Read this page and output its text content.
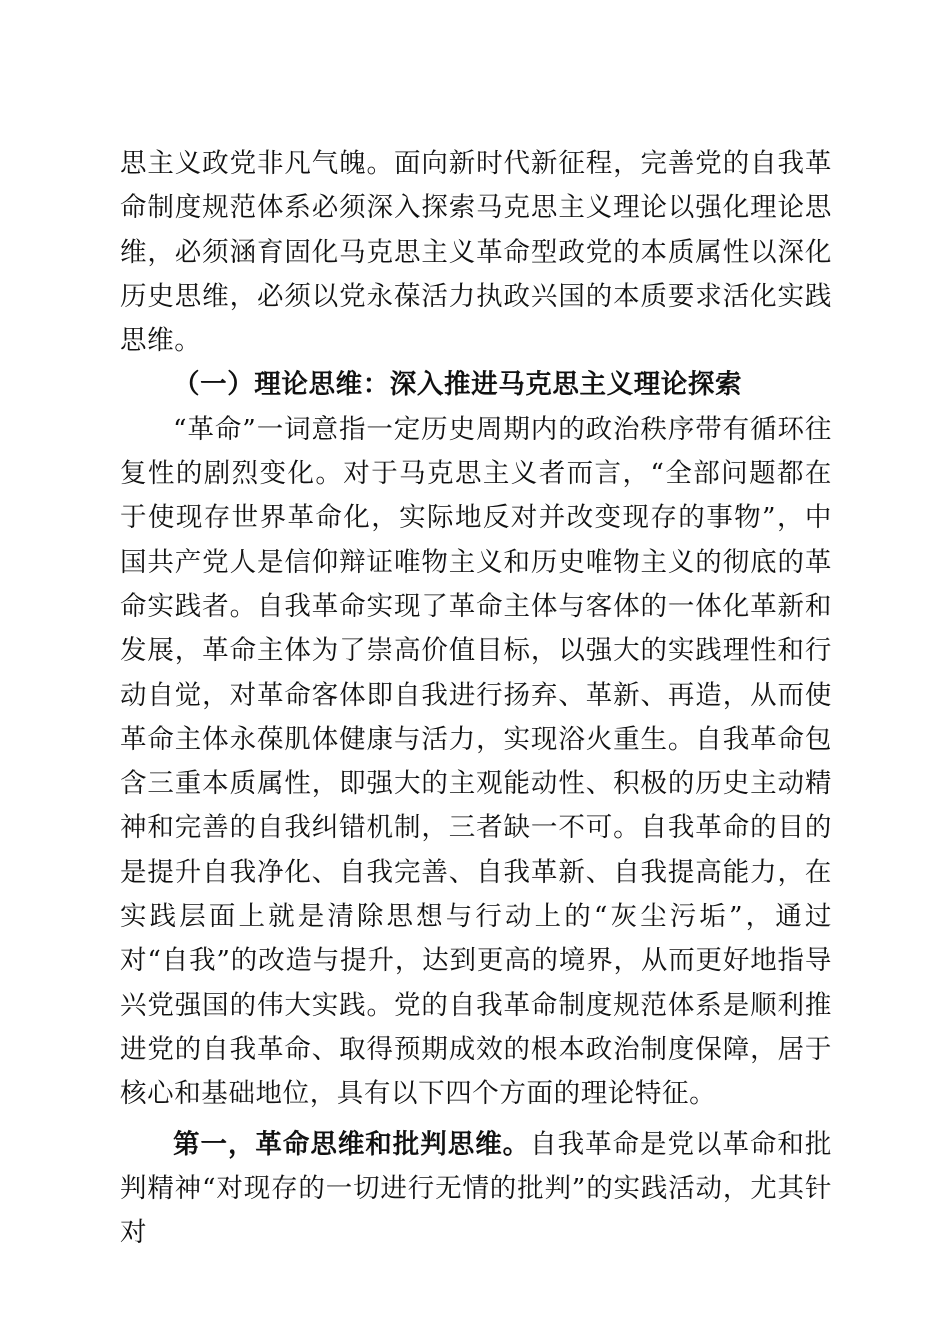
思主义政党非凡气魄。面向新时代新征程，完善党的自我革命制度规范体系必须深入探索马克思主义理论以强化理论思维，必须涵育固化马克思主义革命型政党的本质属性以深化历史思维，必须以党永葆活力执政兴国的本质要求活化实践思维。

（一）理论思维：深入推进马克思主义理论探索

“革命”一词意指一定历史周期内的政治秩序带有循环往复性的剧烈变化。对于马克思主义者而言，“全部问题都在于使现存世界革命化，实际地反对并改变现存的事物”，中国共产党人是信仰辩证唯物主义和历史唯物主义的彻底的革命实践者。自我革命实现了革命主体与客体的一体化革新和发展，革命主体为了崇高价值目标，以强大的实践理性和行动自觉，对革命客体即自我进行扬弃、革新、再造，从而使革命主体永葆肌体健康与活力，实现浴火重生。自我革命包含三重本质属性，即强大的主观能动性、积极的历史主动精神和完善的自我纠错机制，三者缺一不可。自我革命的目的是提升自我净化、自我完善、自我革新、自我提高能力，在实践层面上就是清除思想与行动上的“灰尘污垢”，通过对“自我”的改造与提升，达到更高的境界，从而更好地指导兴党强国的伟大实践。党的自我革命制度规范体系是顺利推进党的自我革命、取得预期成效的根本政治制度保障，居于核心和基础地位，具有以下四个方面的理论特征。

第一，革命思维和批判思维。自我革命是党以革命和批判精神“对现存的一切进行无情的批判”的实践活动，尤其针对
